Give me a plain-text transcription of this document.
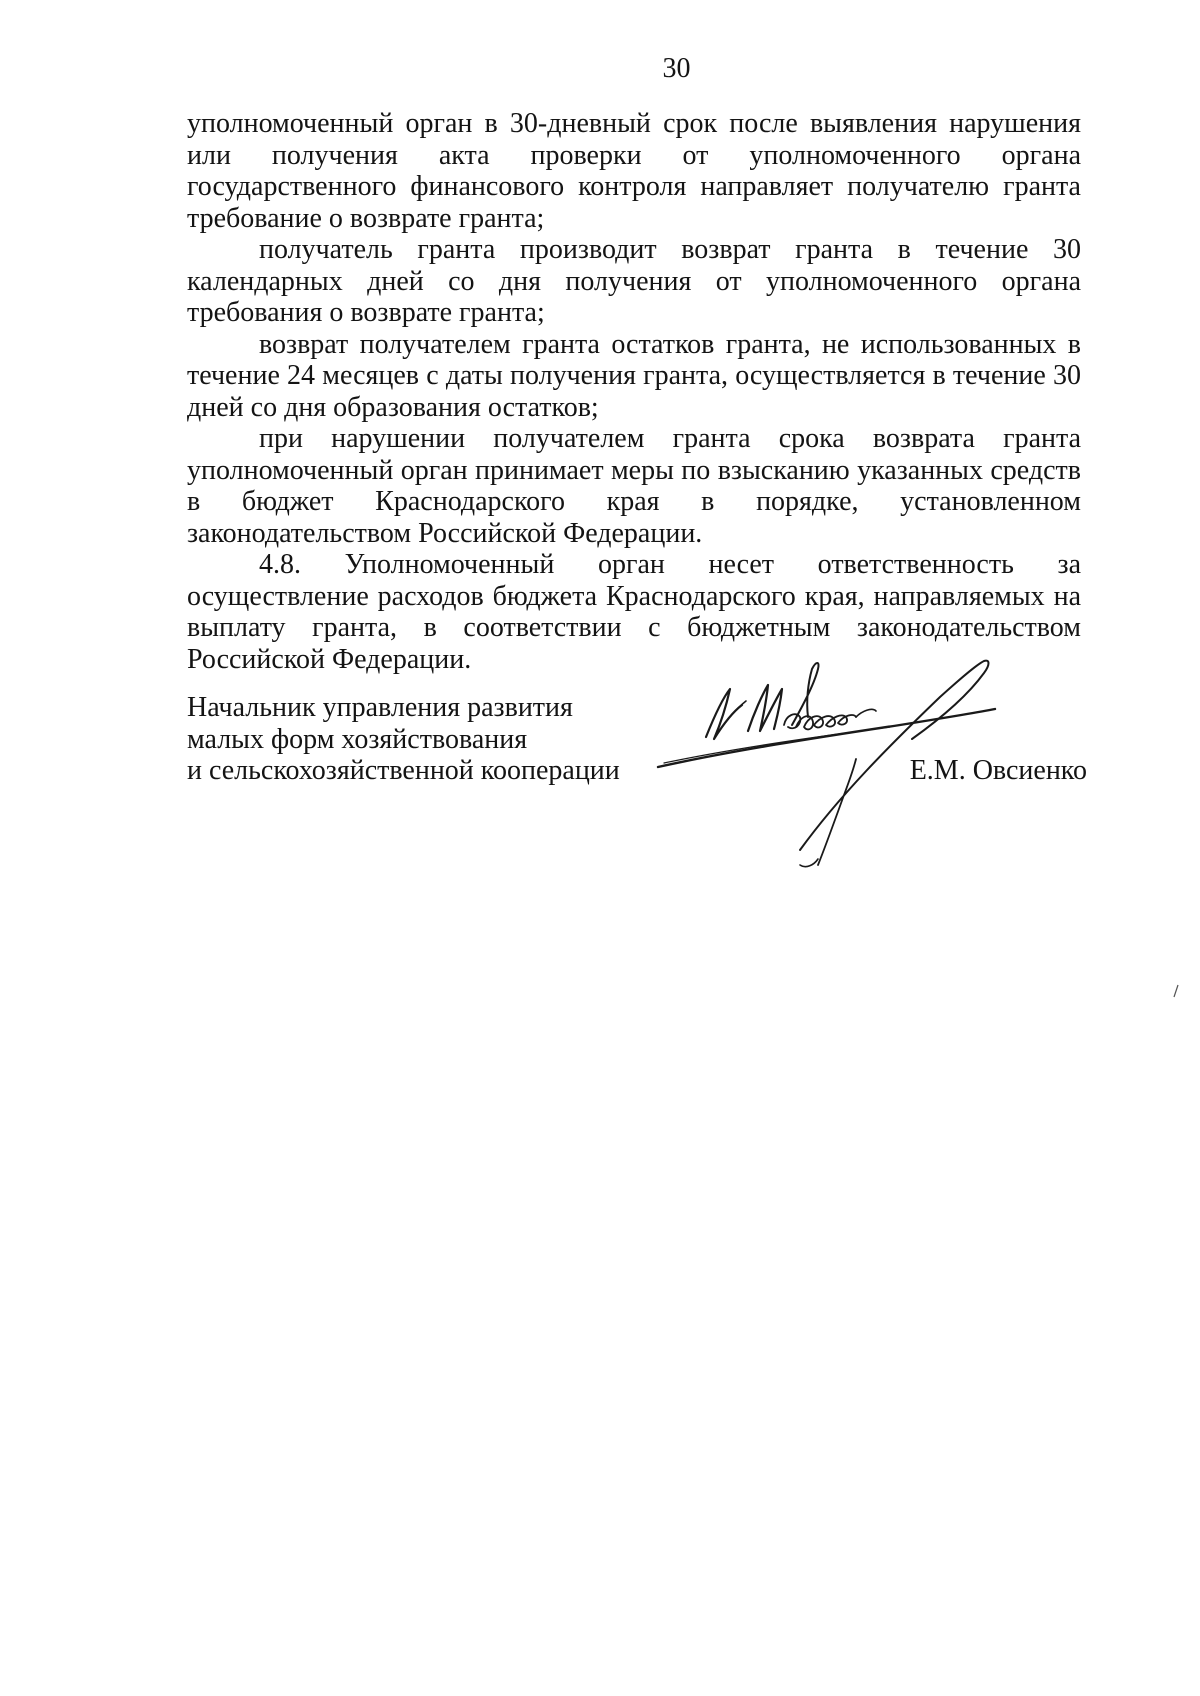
30

уполномоченный орган в 30-дневный срок после выявления нарушения или получения акта проверки от уполномоченного органа государственного финансового контроля направляет получателю гранта требование о возврате гранта;

получатель гранта производит возврат гранта в течение 30 календарных дней со дня получения от уполномоченного органа требования о возврате гранта;

возврат получателем гранта остатков гранта, не использованных в течение 24 месяцев с даты получения гранта, осуществляется в течение 30 дней со дня образования остатков;

при нарушении получателем гранта срока возврата гранта уполномоченный орган принимает меры по взысканию указанных средств в бюджет Краснодарского края в порядке, установленном законодательством Российской Федерации.

4.8. Уполномоченный орган несет ответственность за осуществление расходов бюджета Краснодарского края, направляемых на выплату гранта, в соответствии с бюджетным законодательством Российской Федерации.

Начальник управления развития
малых форм хозяйствования
и сельскохозяйственной кооперации	Е.М. Овсиенко
